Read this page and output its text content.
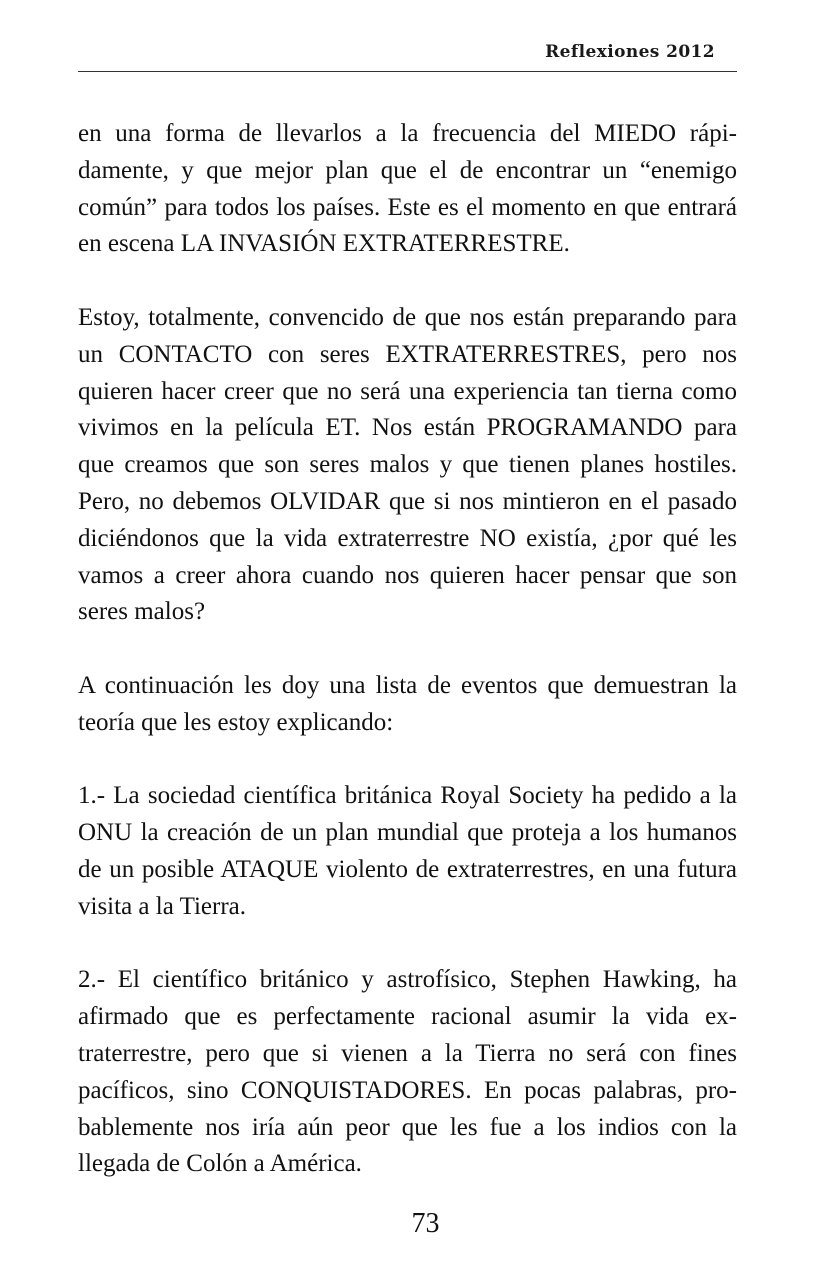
Reflexiones 2012

en una forma de llevarlos a la frecuencia del MIEDO rápidamente, y que mejor plan que el de encontrar un “enemigo común” para todos los países. Este es el momento en que entrará en escena LA INVASIÓN EXTRATERRESTRE.

Estoy, totalmente, convencido de que nos están preparando para un CONTACTO con seres EXTRATERRESTRES, pero nos quieren hacer creer que no será una experiencia tan tierna como vivimos en la película ET. Nos están PROGRAMANDO para que creamos que son seres malos y que tienen planes hostiles. Pero, no debemos OLVIDAR que si nos mintieron en el pasado diciéndonos que la vida extraterrestre NO existía, ¿por qué les vamos a creer ahora cuando nos quieren hacer pensar que son seres malos?

A continuación les doy una lista de eventos que demuestran la teoría que les estoy explicando:

1.- La sociedad científica británica Royal Society ha pedido a la ONU la creación de un plan mundial que proteja a los humanos de un posible ATAQUE violento de extraterrestres, en una futura visita a la Tierra.

2.- El científico británico y astrofísico, Stephen Hawking, ha afirmado que es perfectamente racional asumir la vida extraterrestre, pero que si vienen a la Tierra no será con fines pacíficos, sino CONQUISTADORES. En pocas palabras, probablemente nos iría aún peor que les fue a los indios con la llegada de Colón a América.

73
